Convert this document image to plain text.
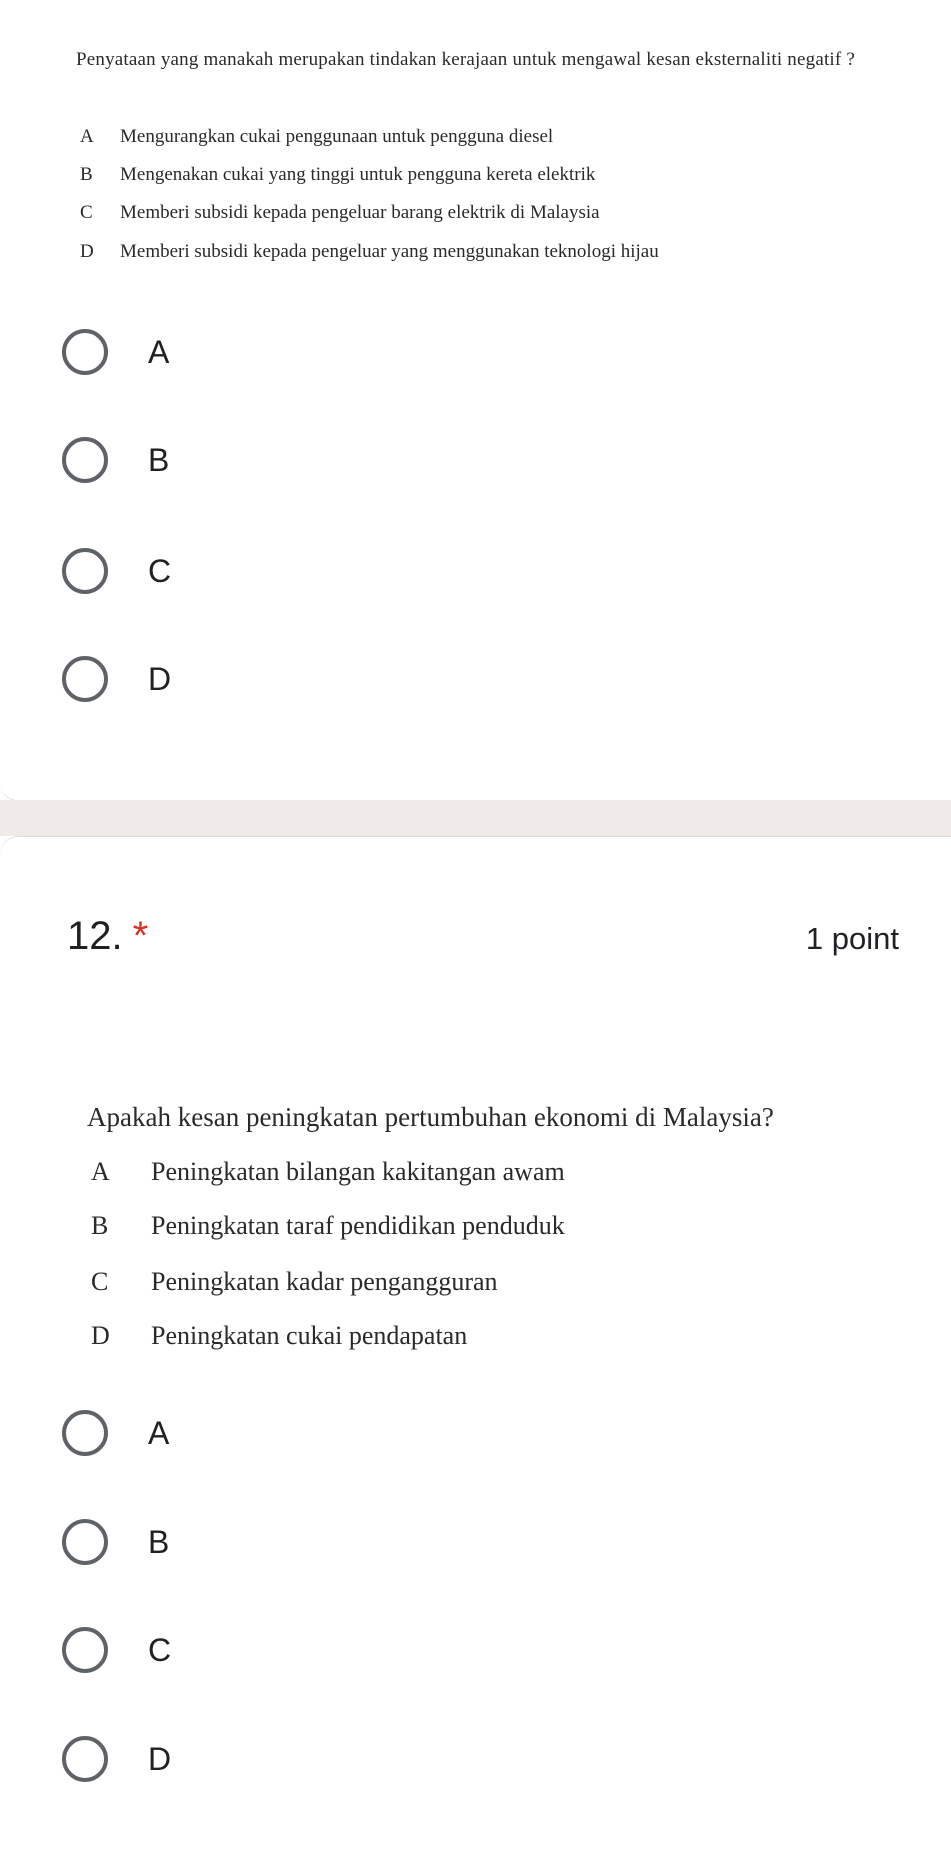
Penyataan yang manakah merupakan tindakan kerajaan untuk mengawal kesan eksternaliti negatif ?
A Mengurangkan cukai penggunaan untuk pengguna diesel
B Mengenakan cukai yang tinggi untuk pengguna kereta elektrik
C Memberi subsidi kepada pengeluar barang elektrik di Malaysia
D Memberi subsidi kepada pengeluar yang menggunakan teknologi hijau
A
B
C
D
12. *	1 point
Apakah kesan peningkatan pertumbuhan ekonomi di Malaysia?
A Peningkatan bilangan kakitangan awam
B Peningkatan taraf pendidikan penduduk
C Peningkatan kadar pengangguran
D Peningkatan cukai pendapatan
A
B
C
D
